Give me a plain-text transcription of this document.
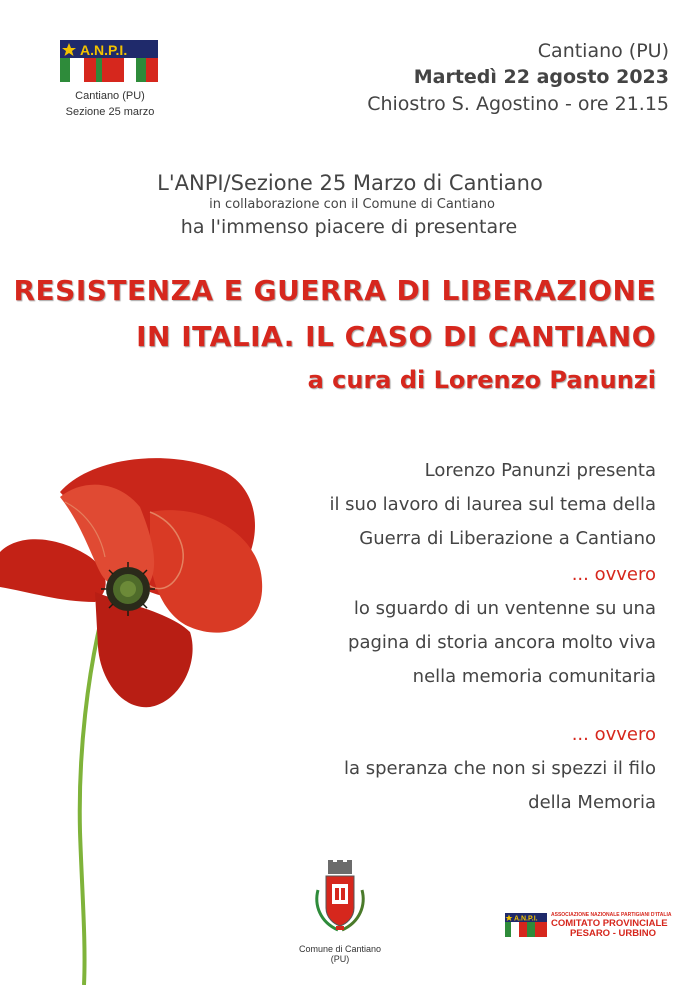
A.N.P.I.
Cantiano (PU)
Sezione 25 marzo
Cantiano (PU)
Martedì 22 agosto 2023
Chiostro S. Agostino - ore 21.15
L'ANPI/Sezione 25 Marzo di Cantiano
in collaborazione con il Comune di Cantiano
ha l'immenso piacere di presentare
RESISTENZA E GUERRA DI LIBERAZIONE
IN ITALIA. IL CASO DI CANTIANO
a cura di Lorenzo Panunzi
Lorenzo Panunzi presenta
il suo lavoro di laurea sul tema della
Guerra di Liberazione a Cantiano
... ovvero
lo sguardo di un ventenne su una
pagina di storia ancora molto viva
nella memoria comunitaria
... ovvero
la speranza che non si spezzi il filo
della Memoria
Comune di Cantiano (PU)
A.N.P.I.
ASSOCIAZIONE NAZIONALE PARTIGIANI D'ITALIA
COMITATO PROVINCIALE
PESARO - URBINO
